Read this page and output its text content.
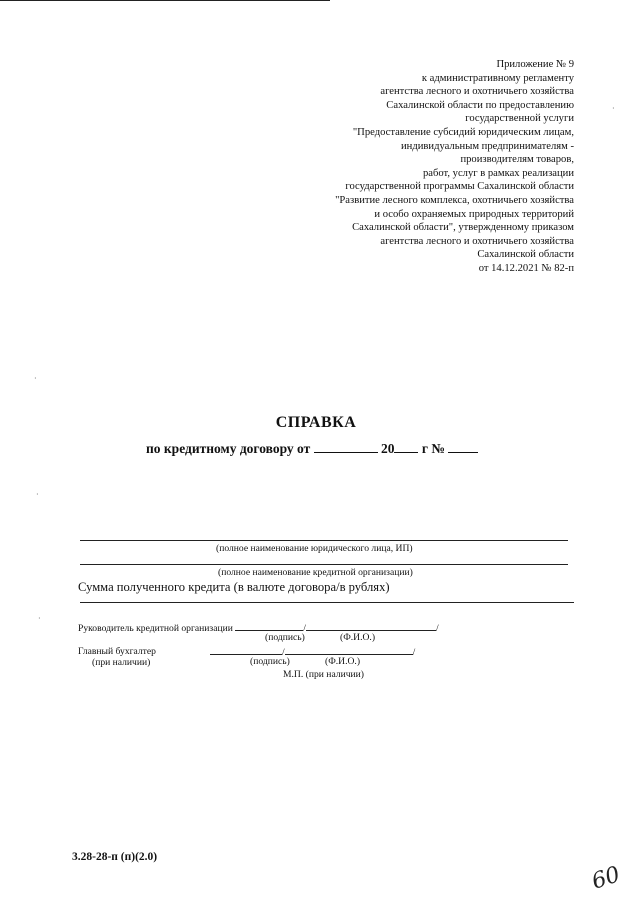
Приложение № 9
к административному регламенту
агентства лесного и охотничьего хозяйства
Сахалинской области по предоставлению
государственной услуги
"Предоставление субсидий юридическим лицам,
индивидуальным предпринимателям -
производителям товаров,
работ, услуг в рамках реализации
государственной программы Сахалинской области
"Развитие лесного комплекса, охотничьего хозяйства
и особо охраняемых природных территорий
Сахалинской области", утвержденному приказом
агентства лесного и охотничьего хозяйства
Сахалинской области
от 14.12.2021 № 82-п
СПРАВКА
по кредитному договору от	20 г №
(полное наименование юридического лица, ИП)
(полное наименование кредитной организации)
Сумма полученного кредита (в валюте договора/в рублях)
Руководитель кредитной организации	/	/
(подпись)	(Ф.И.О.)
Главный бухгалтер	/	/
(при наличии)	(подпись)	(Ф.И.О.)
М.П. (при наличии)
3.28-28-п (п)(2.0)
60
·
·
·
·
